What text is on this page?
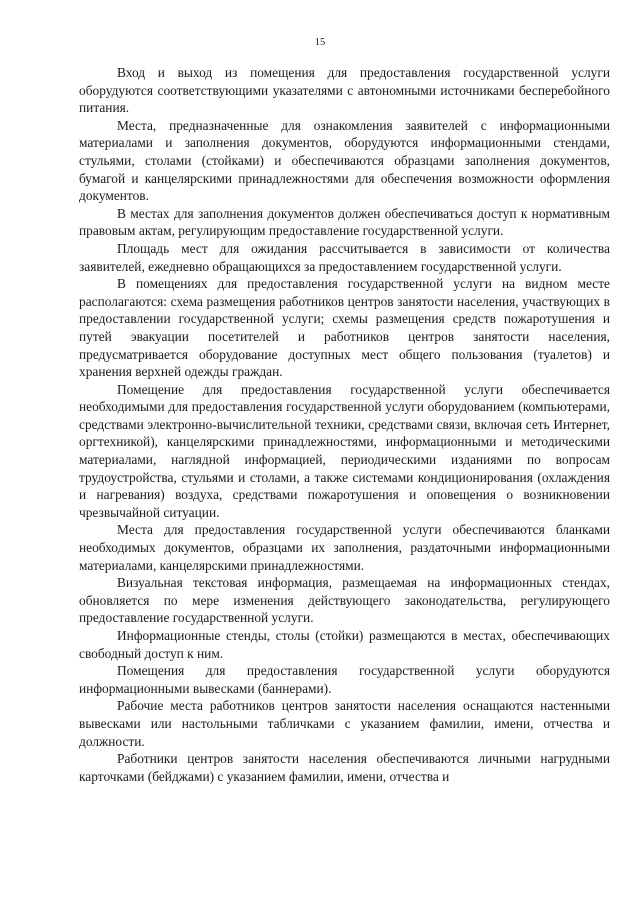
15

Вход и выход из помещения для предоставления государственной услуги оборудуются соответствующими указателями с автономными источниками бесперебойного питания.

Места, предназначенные для ознакомления заявителей с информационными материалами и заполнения документов, оборудуются информационными стендами, стульями, столами (стойками) и обеспечиваются образцами заполнения документов, бумагой и канцелярскими принадлежностями для обеспечения возможности оформления документов.

В местах для заполнения документов должен обеспечиваться доступ к нормативным правовым актам, регулирующим предоставление государственной услуги.

Площадь мест для ожидания рассчитывается в зависимости от количества заявителей, ежедневно обращающихся за предоставлением государственной услуги.

В помещениях для предоставления государственной услуги на видном месте располагаются: схема размещения работников центров занятости населения, участвующих в предоставлении государственной услуги; схемы размещения средств пожаротушения и путей эвакуации посетителей и работников центров занятости населения, предусматривается оборудование доступных мест общего пользования (туалетов) и хранения верхней одежды граждан.

Помещение для предоставления государственной услуги обеспечивается необходимыми для предоставления государственной услуги оборудованием (компьютерами, средствами электронно-вычислительной техники, средствами связи, включая сеть Интернет, оргтехникой), канцелярскими принадлежностями, информационными и методическими материалами, наглядной информацией, периодическими изданиями по вопросам трудоустройства, стульями и столами, а также системами кондиционирования (охлаждения и нагревания) воздуха, средствами пожаротушения и оповещения о возникновении чрезвычайной ситуации.

Места для предоставления государственной услуги обеспечиваются бланками необходимых документов, образцами их заполнения, раздаточными информационными материалами, канцелярскими принадлежностями.

Визуальная текстовая информация, размещаемая на информационных стендах, обновляется по мере изменения действующего законодательства, регулирующего предоставление государственной услуги.

Информационные стенды, столы (стойки) размещаются в местах, обеспечивающих свободный доступ к ним.

Помещения для предоставления государственной услуги оборудуются информационными вывесками (баннерами).

Рабочие места работников центров занятости населения оснащаются настенными вывесками или настольными табличками с указанием фамилии, имени, отчества и должности.

Работники центров занятости населения обеспечиваются личными нагрудными карточками (бейджами) с указанием фамилии, имени, отчества и
